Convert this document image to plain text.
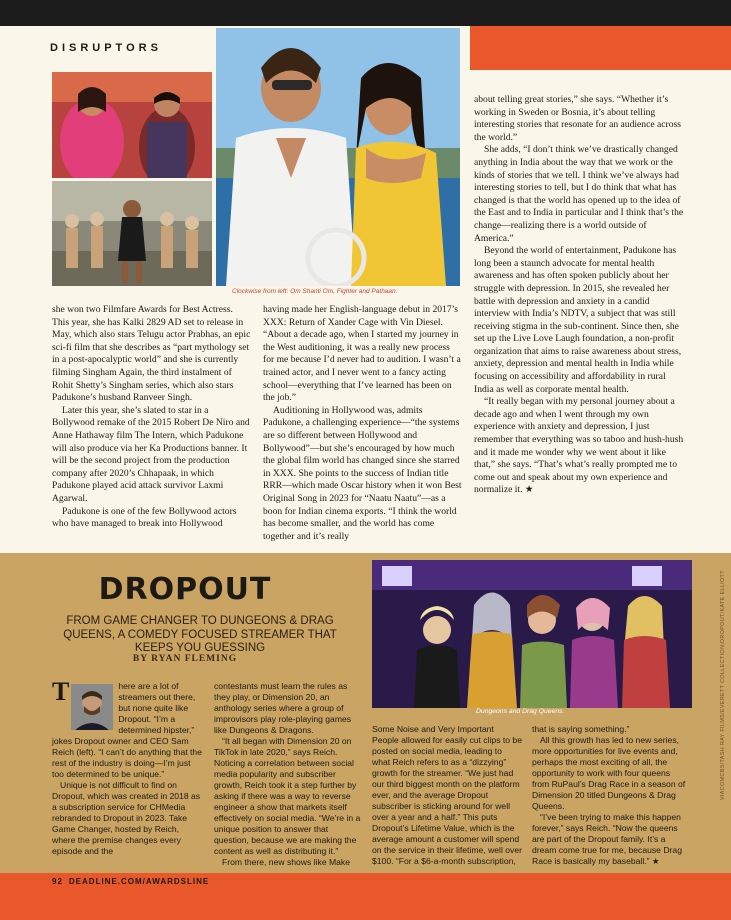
DISRUPTORS
Clockwise from left: Om Shanti Om, Fighter and Pathaan.

she won two Filmfare Awards for Best Actress. This year, she has Kalki 2829 AD set to release in May, which also stars Telugu actor Prabhas, an epic sci-fi film that she describes as “part mythology set in a post-apocalyptic world” and she is currently filming Singham Again, the third instalment of Rohit Shetty’s Singham series, which also stars Padukone’s husband Ranveer Singh.

Later this year, she’s slated to star in a Bollywood remake of the 2015 Robert De Niro and Anne Hathaway film The Intern, which Padukone will also produce via her Ka Productions banner. It will be the second project from the production company after 2020’s Chhapaak, in which Padukone played acid attack survivor Laxmi Agarwal.

Padukone is one of the few Bollywood actors who have managed to break into Hollywood

having made her English-language debut in 2017’s XXX: Return of Xander Cage with Vin Diesel. “About a decade ago, when I started my journey in the West auditioning, it was a really new process for me because I’d never had to audition. I wasn’t a trained actor, and I never went to a fancy acting school—everything that I’ve learned has been on the job.”

Auditioning in Hollywood was, admits Padukone, a challenging experience—“the systems are so different between Hollywood and Bollywood”—but she’s encouraged by how much the global film world has changed since she starred in XXX. She points to the success of Indian title RRR—which made Oscar history when it won Best Original Song in 2023 for “Naatu Naatu”—as a boon for Indian cinema exports. “I think the world has become smaller, and the world has come together and it’s really

about telling great stories,” she says. “Whether it’s working in Sweden or Bosnia, it’s about telling interesting stories that resonate for an audience across the world.”

She adds, “I don’t think we’ve drastically changed anything in India about the way that we work or the kinds of stories that we tell. I think we’ve always had interesting stories to tell, but I do think that what has changed is that the world has opened up to the idea of the East and to India in particular and I think that’s the change—realizing there is a world outside of America.”

Beyond the world of entertainment, Padukone has long been a staunch advocate for mental health awareness and has often spoken publicly about her struggle with depression. In 2015, she revealed her battle with depression and anxiety in a candid interview with India’s NDTV, a subject that was still receiving stigma in the sub-continent. Since then, she set up the Live Love Laugh foundation, a non-profit organization that aims to raise awareness about stress, anxiety, depression and mental health in India while focusing on accessibility and affordability in rural India as well as corporate mental health.

“It really began with my personal journey about a decade ago and when I went through my own experience with anxiety and depression, I just remember that everything was so taboo and hush-hush and it made me wonder why we went about it like that,” she says. “That’s what’s really prompted me to come out and speak about my own experience and normalize it. ★

DROPOUT
FROM GAME CHANGER TO DUNGEONS & DRAG QUEENS, A COMEDY FOCUSED STREAMER THAT KEEPS YOU GUESSING
BY RYAN FLEMING
Dungeons and Drag Queens.	VIACOMCBS/TASH RAY FILMS/EVERETT COLLECTION;DROPOUT/KATE ELLIOTT

T	here are a lot of streamers out there, but none quite like Dropout. “I’m a determined hipster,” jokes Dropout owner and CEO Sam Reich (left). “I can’t do anything that the rest of the industry is doing—I’m just too determined to be unique.”

Unique is not difficult to find on Dropout, which was created in 2018 as a subscription service for CHMedia rebranded to Dropout in 2023. Take Game Changer, hosted by Reich, where the premise changes every episode and the

contestants must learn the rules as they play, or Dimension 20, an anthology series where a group of improvisors play role-playing games like Dungeons & Dragons.

“It all began with Dimension 20 on TikTok in late 2020,” says Reich. Noticing a correlation between social media popularity and subscriber growth, Reich took it a step further by asking if there was a way to reverse engineer a show that markets itself effectively on social media. “We’re in a unique position to answer that question, because we are making the content as well as distributing it.”

From there, new shows like Make

Some Noise and Very Important People allowed for easily cut clips to be posted on social media, leading to what Reich refers to as a “dizzying” growth for the streamer. “We just had our third biggest month on the platform ever, and the average Dropout subscriber is sticking around for well over a year and a half.” This puts Dropout’s Lifetime Value, which is the average amount a customer will spend on the service in their lifetime, well over $100. “For a $6-a-month subscription,

that is saying something.”

All this growth has led to new series, more opportunities for live events and, perhaps the most exciting of all, the opportunity to work with four queens from RuPaul’s Drag Race in a season of Dimension 20 titled Dungeons & Drag Queens.

“I’ve been trying to make this happen forever,” says Reich. “Now the queens are part of the Dropout family. It’s a dream come true for me, because Drag Race is basically my baseball.” ★

92 DEADLINE.COM/AWARDSLINE
